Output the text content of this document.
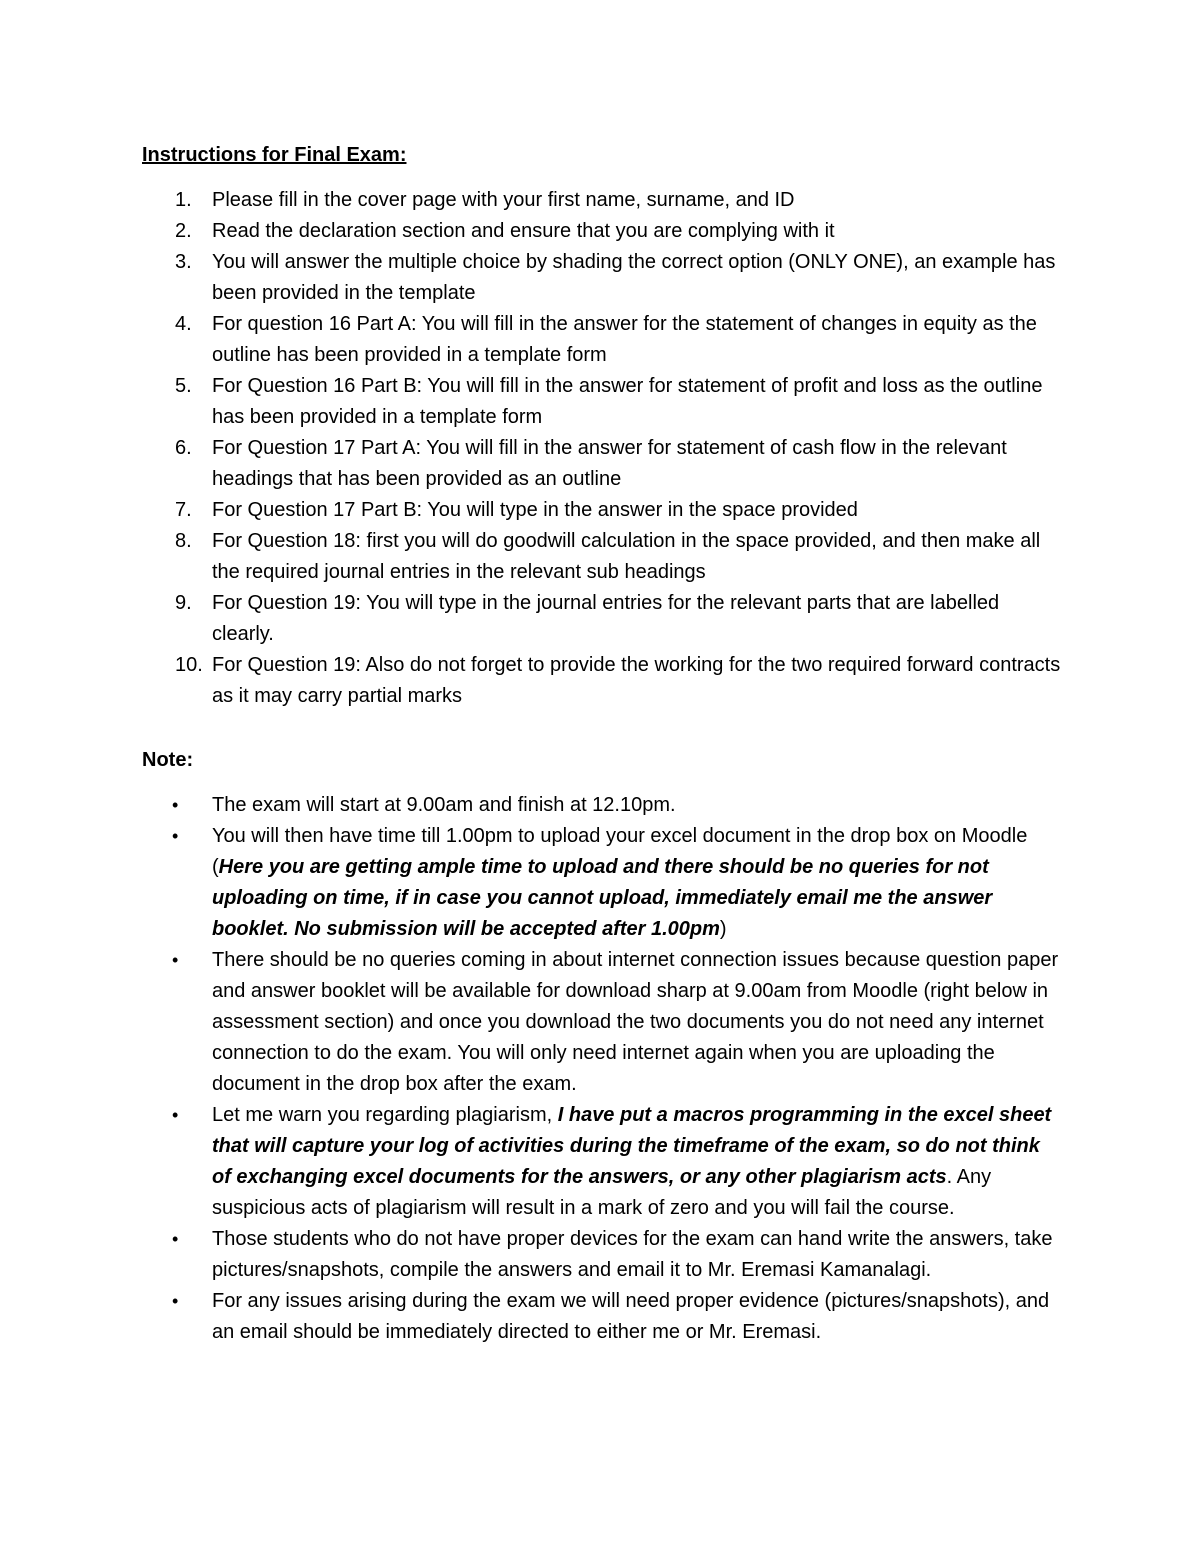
Instructions for Final Exam:

1. Please fill in the cover page with your first name, surname, and ID
2. Read the declaration section and ensure that you are complying with it
3. You will answer the multiple choice by shading the correct option (ONLY ONE), an example has been provided in the template
4. For question 16 Part A: You will fill in the answer for the statement of changes in equity as the outline has been provided in a template form
5. For Question 16 Part B: You will fill in the answer for statement of profit and loss as the outline has been provided in a template form
6. For Question 17 Part A: You will fill in the answer for statement of cash flow in the relevant headings that has been provided as an outline
7. For Question 17 Part B: You will type in the answer in the space provided
8. For Question 18: first you will do goodwill calculation in the space provided, and then make all the required journal entries in the relevant sub headings
9. For Question 19: You will type in the journal entries for the relevant parts that are labelled clearly.
10. For Question 19: Also do not forget to provide the working for the two required forward contracts as it may carry partial marks

Note:

• The exam will start at 9.00am and finish at 12.10pm.
• You will then have time till 1.00pm to upload your excel document in the drop box on Moodle (Here you are getting ample time to upload and there should be no queries for not uploading on time, if in case you cannot upload, immediately email me the answer booklet. No submission will be accepted after 1.00pm)
• There should be no queries coming in about internet connection issues because question paper and answer booklet will be available for download sharp at 9.00am from Moodle (right below in assessment section) and once you download the two documents you do not need any internet connection to do the exam. You will only need internet again when you are uploading the document in the drop box after the exam.
• Let me warn you regarding plagiarism, I have put a macros programming in the excel sheet that will capture your log of activities during the timeframe of the exam, so do not think of exchanging excel documents for the answers, or any other plagiarism acts. Any suspicious acts of plagiarism will result in a mark of zero and you will fail the course.
• Those students who do not have proper devices for the exam can hand write the answers, take pictures/snapshots, compile the answers and email it to Mr. Eremasi Kamanalagi.
• For any issues arising during the exam we will need proper evidence (pictures/snapshots), and an email should be immediately directed to either me or Mr. Eremasi.
